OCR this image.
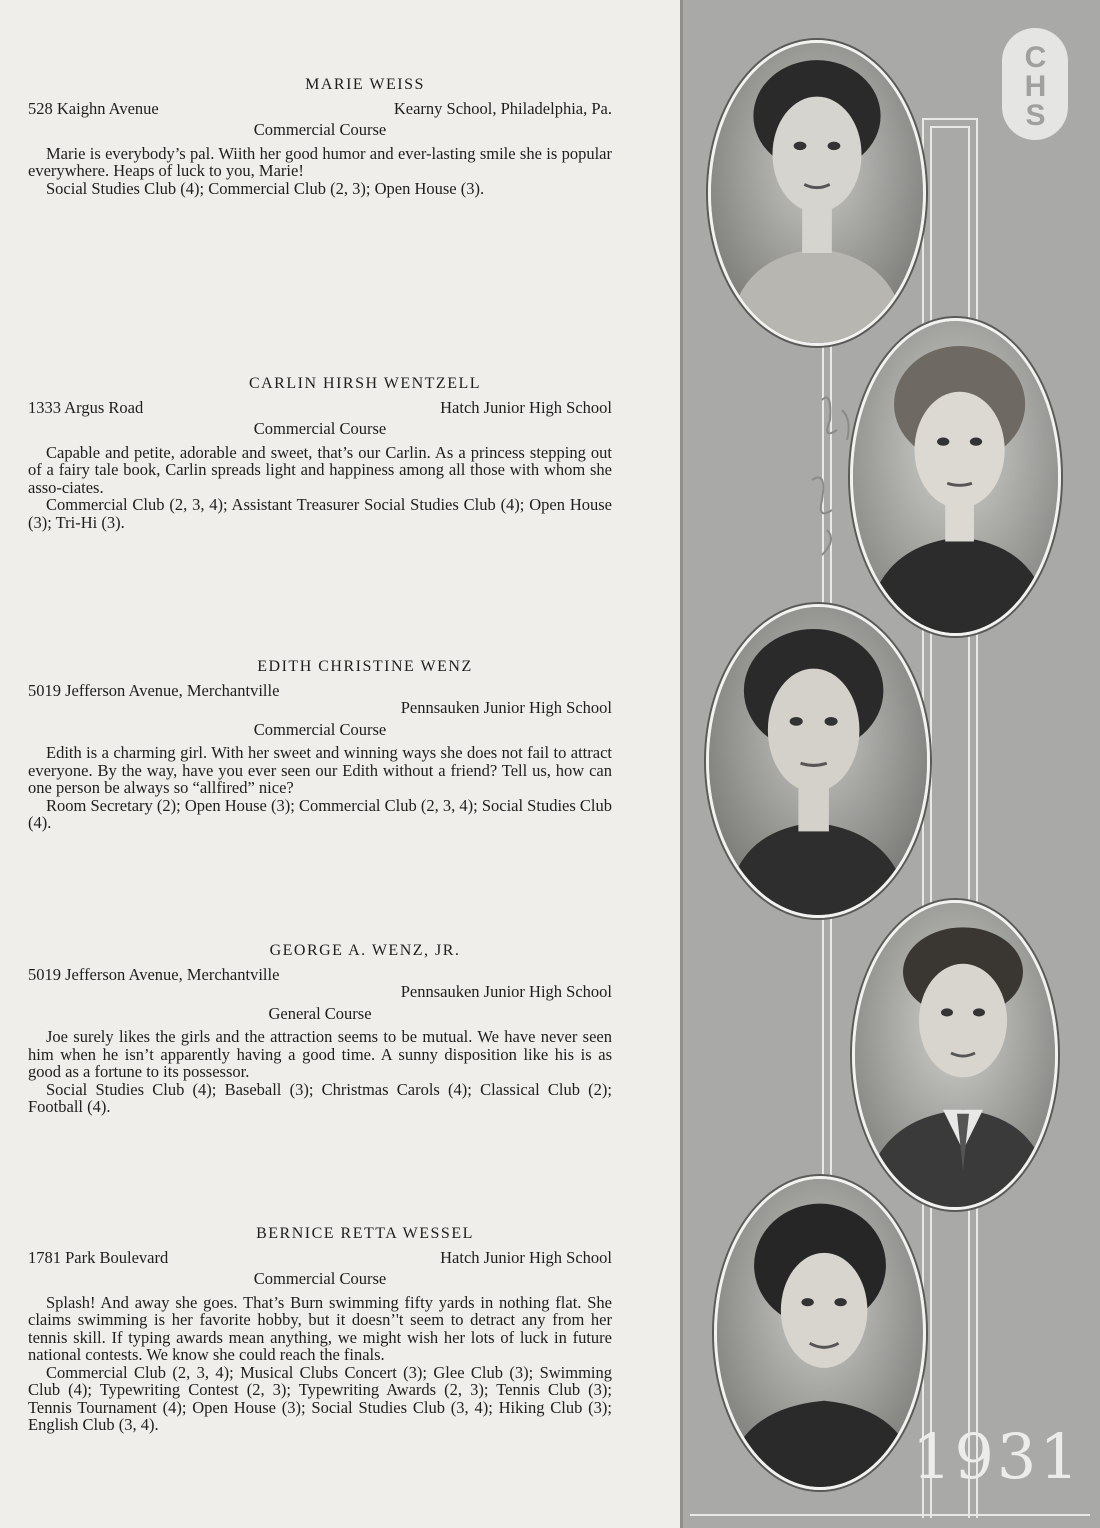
MARIE WEISS
528 Kaighn Avenue	Kearny School, Philadelphia, Pa.
Commercial Course
Marie is everybody’s pal. Wiith her good humor and ever-lasting smile she is popular everywhere. Heaps of luck to you, Marie!
Social Studies Club (4); Commercial Club (2, 3); Open House (3).
CARLIN HIRSH WENTZELL
1333 Argus Road	Hatch Junior High School
Commercial Course
Capable and petite, adorable and sweet, that’s our Carlin. As a princess stepping out of a fairy tale book, Carlin spreads light and happiness among all those with whom she asso-ciates.
Commercial Club (2, 3, 4); Assistant Treasurer Social Studies Club (4); Open House (3); Tri-Hi (3).
EDITH CHRISTINE WENZ
5019 Jefferson Avenue, Merchantville
Pennsauken Junior High School
Commercial Course
Edith is a charming girl. With her sweet and winning ways she does not fail to attract everyone. By the way, have you ever seen our Edith without a friend? Tell us, how can one person be always so “allfired” nice?
Room Secretary (2); Open House (3); Commercial Club (2, 3, 4); Social Studies Club (4).
GEORGE A. WENZ, JR.
5019 Jefferson Avenue, Merchantville
Pennsauken Junior High School
General Course
Joe surely likes the girls and the attraction seems to be mutual. We have never seen him when he isn’t apparently having a good time. A sunny disposition like his is as good as a fortune to its possessor.
Social Studies Club (4); Baseball (3); Christmas Carols (4); Classical Club (2); Football (4).
BERNICE RETTA WESSEL
1781 Park Boulevard	Hatch Junior High School
Commercial Course
Splash! And away she goes. That’s Burn swimming fifty yards in nothing flat. She claims swimming is her favorite hobby, but it doesn’'t seem to detract any from her tennis skill. If typing awards mean anything, we might wish her lots of luck in future national contests. We know she could reach the finals.
Commercial Club (2, 3, 4); Musical Clubs Concert (3); Glee Club (3); Swimming Club (4); Typewriting Contest (2, 3); Typewriting Awards (2, 3); Tennis Club (3); Tennis Tournament (4); Open House (3); Social Studies Club (3, 4); Hiking Club (3); English Club (3, 4).
CHS
1931
